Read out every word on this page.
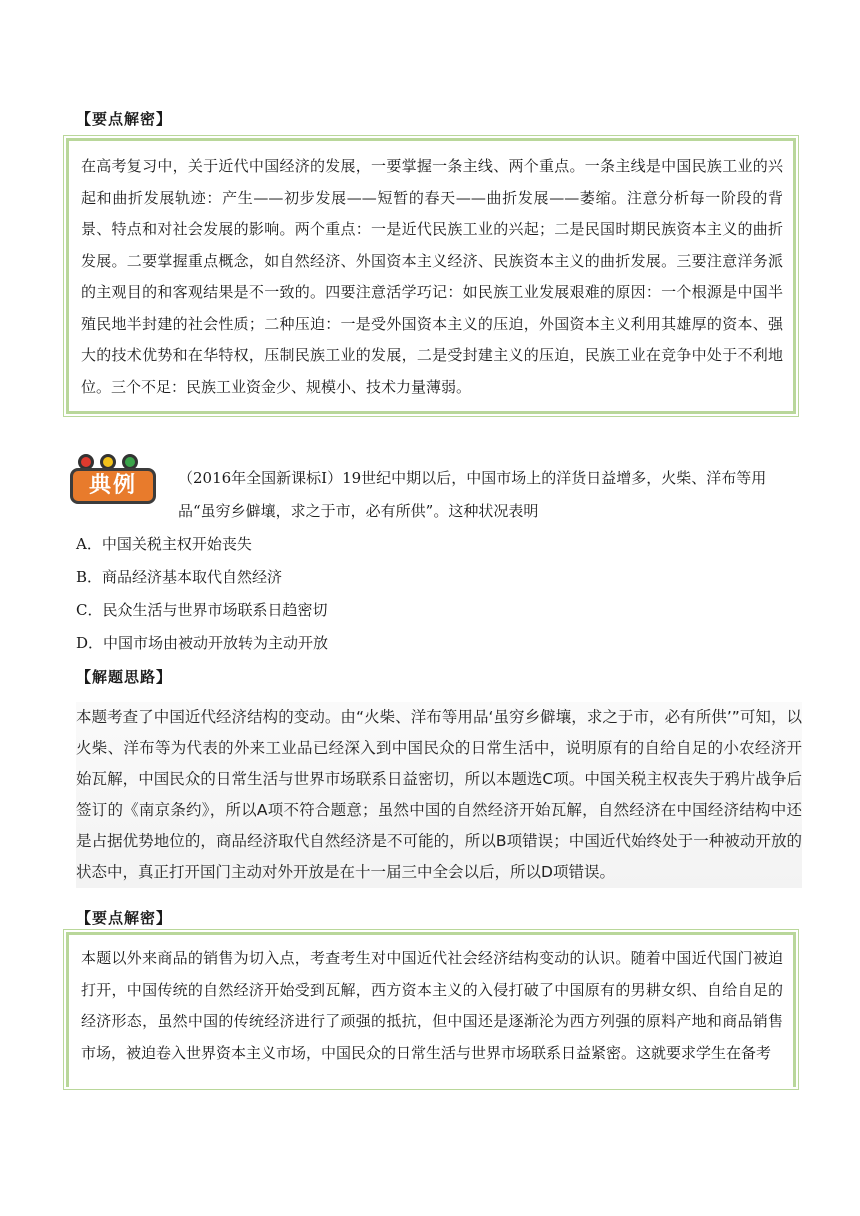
【要点解密】

在高考复习中，关于近代中国经济的发展，一要掌握一条主线、两个重点。一条主线是中国民族工业的兴起和曲折发展轨迹：产生——初步发展——短暂的春天——曲折发展——萎缩。注意分析每一阶段的背景、特点和对社会发展的影响。两个重点：一是近代民族工业的兴起；二是民国时期民族资本主义的曲折发展。二要掌握重点概念，如自然经济、外国资本主义经济、民族资本主义的曲折发展。三要注意洋务派的主观目的和客观结果是不一致的。四要注意活学巧记：如民族工业发展艰难的原因：一个根源是中国半殖民地半封建的社会性质；二种压迫：一是受外国资本主义的压迫，外国资本主义利用其雄厚的资本、强大的技术优势和在华特权，压制民族工业的发展，二是受封建主义的压迫，民族工业在竞争中处于不利地位。三个不足：民族工业资金少、规模小、技术力量薄弱。

典例	（2016年全国新课标Ⅰ）19世纪中期以后，中国市场上的洋货日益增多，火柴、洋布等用品“虽穷乡僻壤，求之于市，必有所供”。这种状况表明
A．中国关税主权开始丧失
B．商品经济基本取代自然经济
C．民众生活与世界市场联系日趋密切
D．中国市场由被动开放转为主动开放
【解题思路】

本题考查了中国近代经济结构的变动。由“火柴、洋布等用品‘虽穷乡僻壤，求之于市，必有所供’”可知，以火柴、洋布等为代表的外来工业品已经深入到中国民众的日常生活中，说明原有的自给自足的小农经济开始瓦解，中国民众的日常生活与世界市场联系日益密切，所以本题选C项。中国关税主权丧失于鸦片战争后签订的《南京条约》，所以A项不符合题意；虽然中国的自然经济开始瓦解，自然经济在中国经济结构中还是占据优势地位的，商品经济取代自然经济是不可能的，所以B项错误；中国近代始终处于一种被动开放的状态中，真正打开国门主动对外开放是在十一届三中全会以后，所以D项错误。

【要点解密】

本题以外来商品的销售为切入点，考查考生对中国近代社会经济结构变动的认识。随着中国近代国门被迫打开，中国传统的自然经济开始受到瓦解，西方资本主义的入侵打破了中国原有的男耕女织、自给自足的经济形态，虽然中国的传统经济进行了顽强的抵抗，但中国还是逐渐沦为西方列强的原料产地和商品销售市场，被迫卷入世界资本主义市场，中国民众的日常生活与世界市场联系日益紧密。这就要求学生在备考
